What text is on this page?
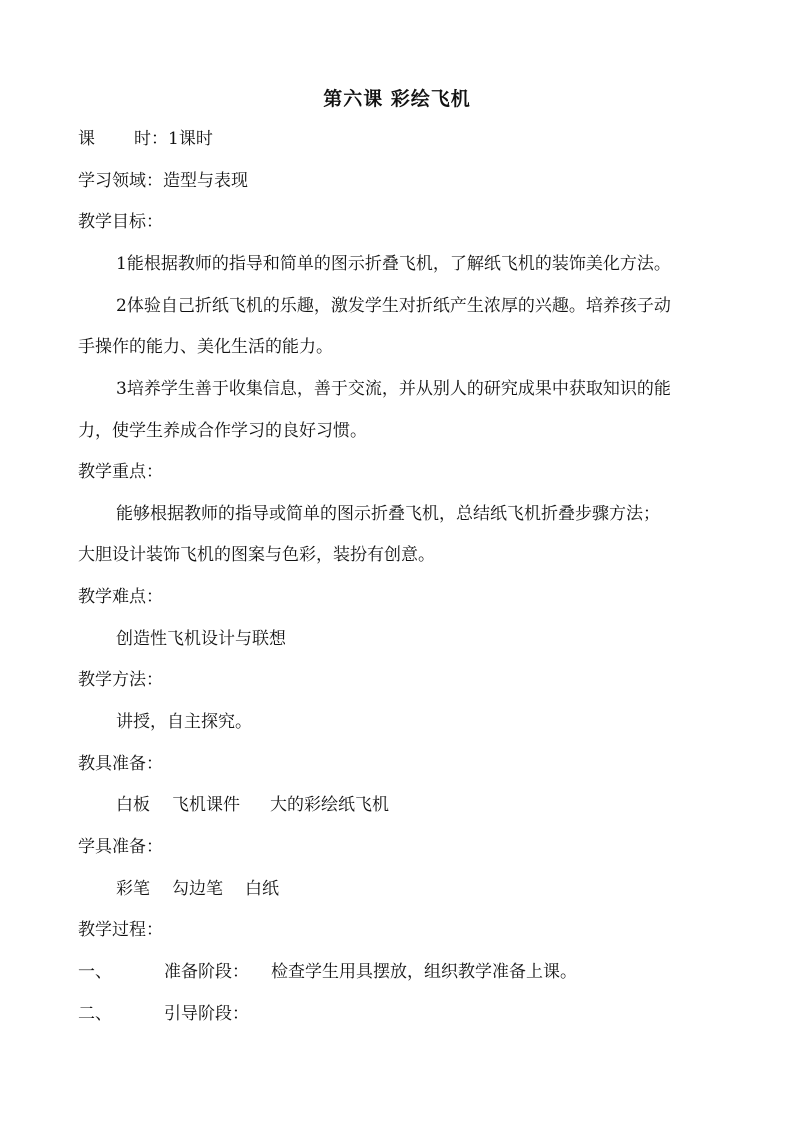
第六课 彩绘飞机
课 时：1课时
学习领域：造型与表现
教学目标：
1能根据教师的指导和简单的图示折叠飞机，了解纸飞机的装饰美化方法。
2体验自己折纸飞机的乐趣，激发学生对折纸产生浓厚的兴趣。培养孩子动
手操作的能力、美化生活的能力。
3培养学生善于收集信息，善于交流，并从别人的研究成果中获取知识的能
力，使学生养成合作学习的良好习惯。
教学重点：
能够根据教师的指导或简单的图示折叠飞机，总结纸飞机折叠步骤方法；
大胆设计装饰飞机的图案与色彩，装扮有创意。
教学难点：
创造性飞机设计与联想
教学方法：
讲授，自主探究。
教具准备：
白板 飞机课件 大的彩绘纸飞机
学具准备：
彩笔 勾边笔 白纸
教学过程：
一、	准备阶段： 检查学生用具摆放，组织教学准备上课。
二、	引导阶段：
